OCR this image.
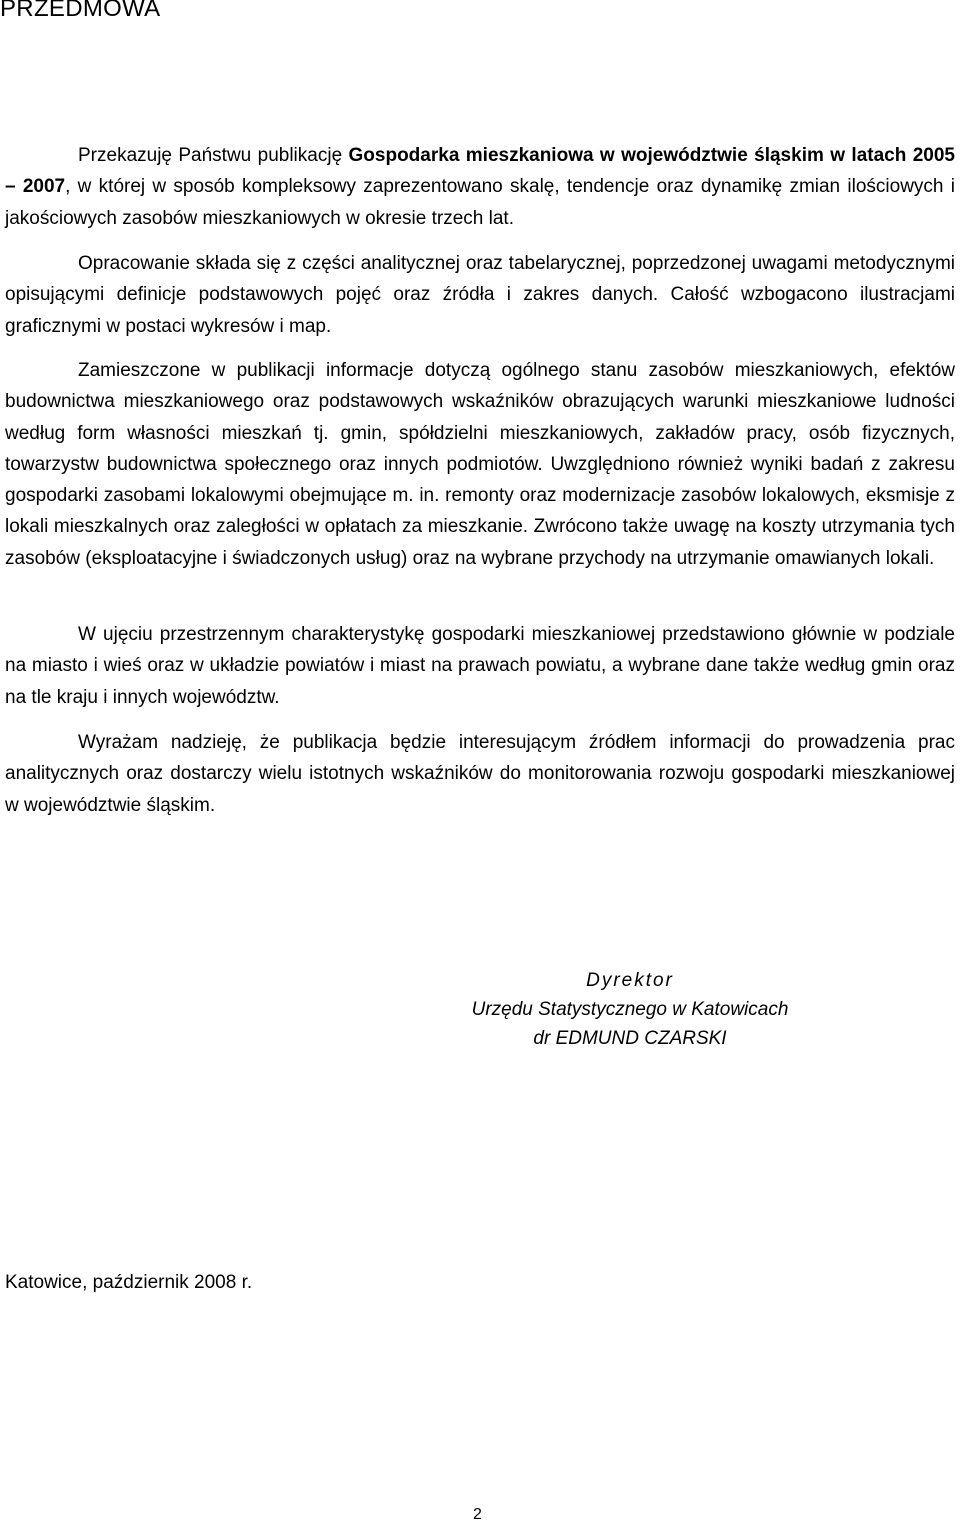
PRZEDMOWA

Przekazuję Państwu publikację Gospodarka mieszkaniowa w województwie śląskim w latach 2005 – 2007, w której w sposób kompleksowy zaprezentowano skalę, tendencje oraz dynamikę zmian ilościowych i jakościowych zasobów mieszkaniowych w okresie trzech lat.

Opracowanie składa się z części analitycznej oraz tabelarycznej, poprzedzonej uwagami metodycznymi opisującymi definicje podstawowych pojęć oraz źródła i zakres danych. Całość wzbogacono ilustracjami graficznymi w postaci wykresów i map.

Zamieszczone w publikacji informacje dotyczą ogólnego stanu zasobów mieszkaniowych, efektów budownictwa mieszkaniowego oraz podstawowych wskaźników obrazujących warunki mieszkaniowe ludności według form własności mieszkań tj. gmin, spółdzielni mieszkaniowych, zakładów pracy, osób fizycznych, towarzystw budownictwa społecznego oraz innych podmiotów. Uwzględniono również wyniki badań z zakresu gospodarki zasobami lokalowymi obejmujące m. in. remonty oraz modernizacje zasobów lokalowych, eksmisje z lokali mieszkalnych oraz zaległości w opłatach za mieszkanie. Zwrócono także uwagę na koszty utrzymania tych zasobów (eksploatacyjne i świadczonych usług) oraz na wybrane przychody na utrzymanie omawianych lokali.

W ujęciu przestrzennym charakterystykę gospodarki mieszkaniowej przedstawiono głównie w podziale na miasto i wieś oraz w układzie powiatów i miast na prawach powiatu, a wybrane dane także według gmin oraz na tle kraju i innych województw.

Wyrażam nadzieję, że publikacja będzie interesującym źródłem informacji do prowadzenia prac analitycznych oraz dostarczy wielu istotnych wskaźników do monitorowania rozwoju gospodarki mieszkaniowej w województwie śląskim.

Dyrektor
Urzędu Statystycznego w Katowicach
dr EDMUND CZARSKI
Katowice, październik 2008 r.
2
